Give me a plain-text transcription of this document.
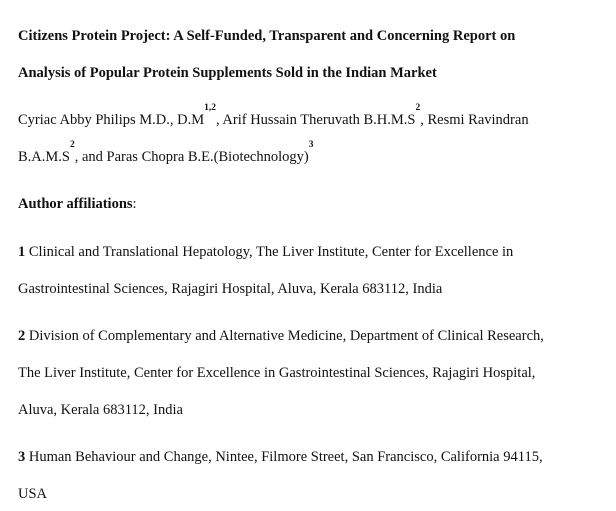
Citizens Protein Project: A Self-Funded, Transparent and Concerning Report on
Analysis of Popular Protein Supplements Sold in the Indian Market
Cyriac Abby Philips M.D., $D.M^{1,2}$, Arif Hussain Theruvath $B.H.M.S^2$, Resmi Ravindran
$B.A.M.S^2$, and Paras Chopra B.E.(Biotechnology)$^3$
Author affiliations:
1 Clinical and Translational Hepatology, The Liver Institute, Center for Excellence in
Gastrointestinal Sciences, Rajagiri Hospital, Aluva, Kerala 683112, India
2 Division of Complementary and Alternative Medicine, Department of Clinical Research,
The Liver Institute, Center for Excellence in Gastrointestinal Sciences, Rajagiri Hospital,
Aluva, Kerala 683112, India
3 Human Behaviour and Change, Nintee, Filmore Street, San Francisco, California 94115,
USA
